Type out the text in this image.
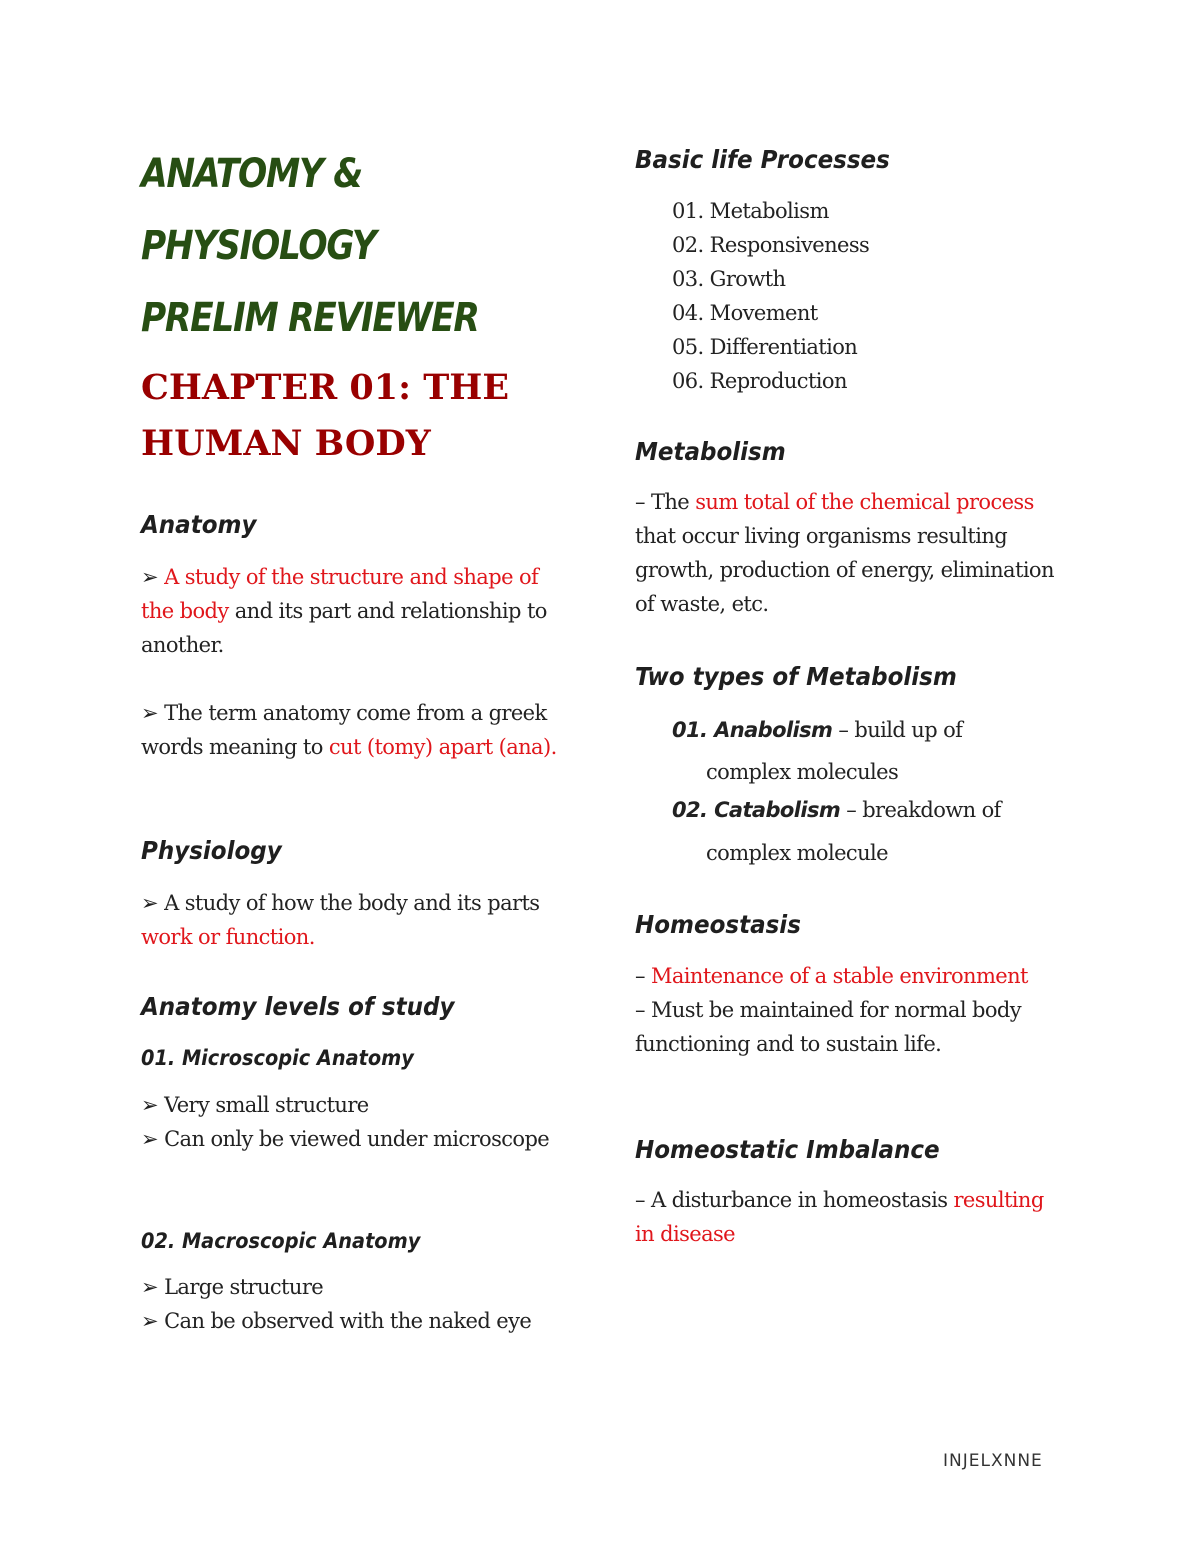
ANATOMY & PHYSIOLOGY PRELIM REVIEWER
CHAPTER 01: THE HUMAN BODY
Anatomy
➢ A study of the structure and shape of the body and its part and relationship to another.
➢ The term anatomy come from a greek words meaning to cut (tomy) apart (ana).
Physiology
➢ A study of how the body and its parts work or function.
Anatomy levels of study
01. Microscopic Anatomy
➢ Very small structure
➢ Can only be viewed under microscope
02. Macroscopic Anatomy
➢ Large structure
➢ Can be observed with the naked eye
Basic life Processes
01. Metabolism
02. Responsiveness
03. Growth
04. Movement
05. Differentiation
06. Reproduction
Metabolism
– The sum total of the chemical process that occur living organisms resulting growth, production of energy, elimination of waste, etc.
Two types of Metabolism
01. Anabolism – build up of
complex molecules
02. Catabolism – breakdown of
complex molecule
Homeostasis
– Maintenance of a stable environment
– Must be maintained for normal body functioning and to sustain life.
Homeostatic Imbalance
– A disturbance in homeostasis resulting in disease
INJELXNNE
